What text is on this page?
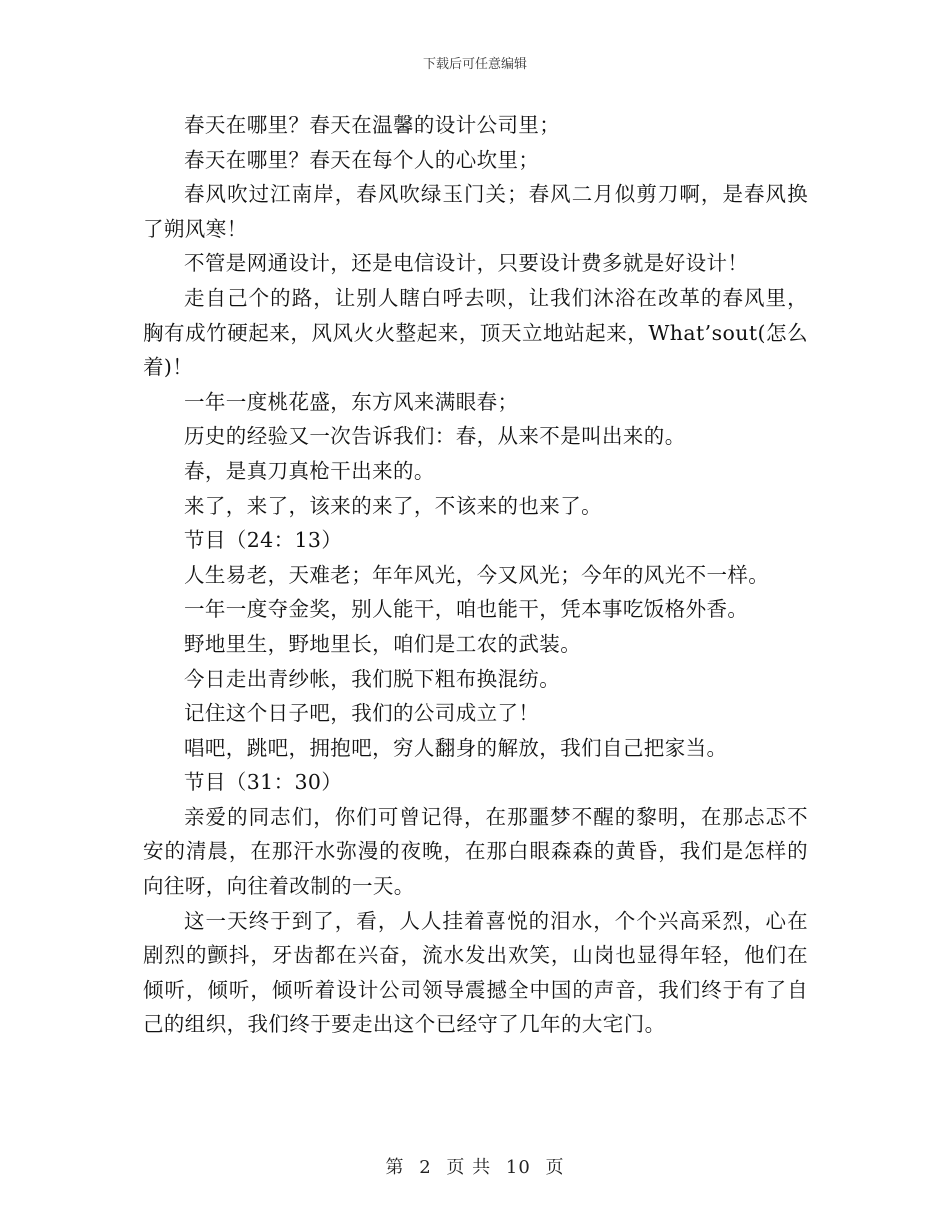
下载后可任意编辑

春天在哪里？春天在温馨的设计公司里；

春天在哪里？春天在每个人的心坎里；

春风吹过江南岸，春风吹绿玉门关；春风二月似剪刀啊，是春风换了朔风寒！

不管是网通设计，还是电信设计，只要设计费多就是好设计！

走自己个的路，让别人瞎白呼去呗，让我们沐浴在改革的春风里，胸有成竹硬起来，风风火火整起来，顶天立地站起来，What’sout(怎么着)！

一年一度桃花盛，东方风来满眼春；

历史的经验又一次告诉我们：春，从来不是叫出来的。

春，是真刀真枪干出来的。

来了，来了，该来的来了，不该来的也来了。

节目（24：13）

人生易老，天难老；年年风光，今又风光；今年的风光不一样。

一年一度夺金奖，别人能干，咱也能干，凭本事吃饭格外香。

野地里生，野地里长，咱们是工农的武装。

今日走出青纱帐，我们脱下粗布换混纺。

记住这个日子吧，我们的公司成立了！

唱吧，跳吧，拥抱吧，穷人翻身的解放，我们自己把家当。

节目（31：30）

亲爱的同志们，你们可曾记得，在那噩梦不醒的黎明，在那忐忑不安的清晨，在那汗水弥漫的夜晚，在那白眼森森的黄昏，我们是怎样的向往呀，向往着改制的一天。

这一天终于到了，看，人人挂着喜悦的泪水，个个兴高采烈，心在剧烈的颤抖，牙齿都在兴奋，流水发出欢笑，山岗也显得年轻，他们在倾听，倾听，倾听着设计公司领导震撼全中国的声音，我们终于有了自己的组织，我们终于要走出这个已经守了几年的大宅门。

第 2 页 共 10 页
